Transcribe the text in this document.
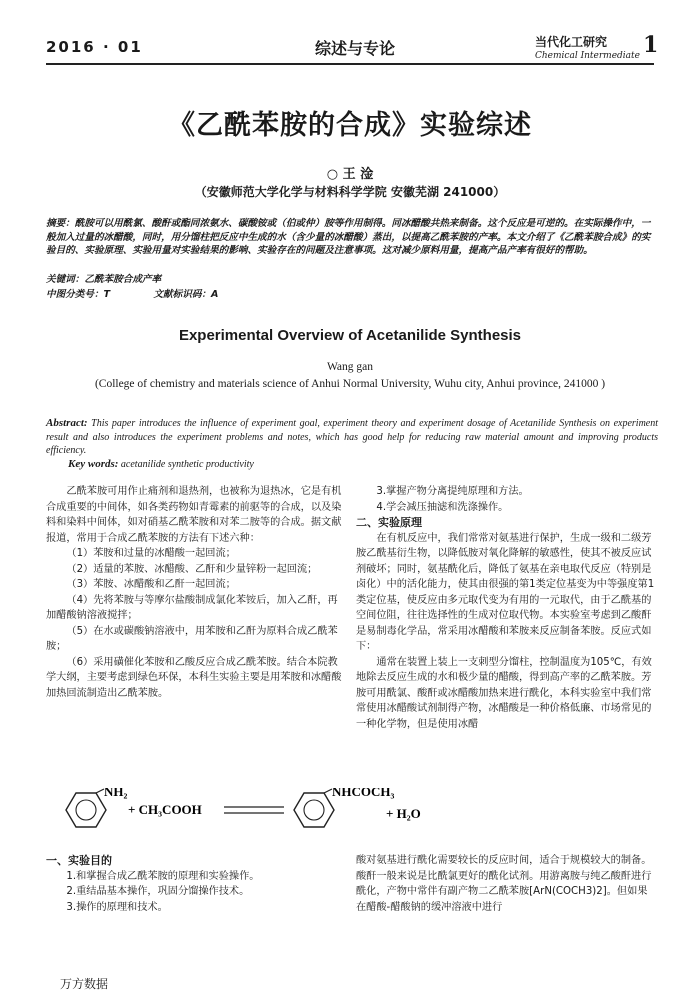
2016 · 01	综述与专论	当代化工研究
Chemical Intermediate 1
《乙酰苯胺的合成》实验综述
○ 王 淦
（安徽师范大学化学与材料科学学院 安徽芜湖 241000）
摘要：酰胺可以用酰氯、酸酐或酯同浓氨水、碳酸铵或（伯或仲）胺等作用制得。同冰醋酸共热来制备。这个反应是可逆的。在实际操作中，一般加入过量的冰醋酸，同时，用分馏柱把反应中生成的水（含少量的冰醋酸）蒸出，以提高乙酰苯胺的产率。本文介绍了《乙酰苯胺合成》的实验目的、实验原理、实验用量对实验结果的影响、实验存在的问题及注意事项。这对减少原料用量，提高产品产率有很好的帮助。
关键词：乙酰苯胺合成产率
中图分类号：T	文献标识码：A
Experimental Overview of Acetanilide Synthesis
Wang gan
(College of chemistry and materials science of Anhui Normal University, Wuhu city, Anhui province, 241000 )
Abstract: This paper introduces the influence of experiment goal, experiment theory and experiment dosage of Acetanilide Synthesis on experiment result and also introduces the experiment problems and notes, which has good help for reducing raw material amount and improving products efficiency.
Key words: acetanilide synthetic productivity

乙酰苯胺可用作止痛剂和退热剂，也被称为退热冰，它是有机合成重要的中间体，如各类药物如青霉素的前驱等的合成，以及染料和染料中间体，如对硝基乙酰苯胺和对苯二胺等的合成。据文献报道，常用于合成乙酰苯胺的方法有下述六种：

（1）苯胺和过量的冰醋酸一起回流；

（2）适量的苯胺、冰醋酸、乙酐和少量锌粉一起回流；

（3）苯胺、冰醋酸和乙酐一起回流；

（4）先将苯胺与等摩尔盐酸制成氯化苯铵后，加入乙酐，再加醋酸钠溶液搅拌；

（5）在水或碳酸钠溶液中，用苯胺和乙酐为原料合成乙酰苯胺；

（6）采用磺催化苯胺和乙酸反应合成乙酰苯胺。结合本院教学大纲，主要考虑到绿色环保，本科生实验主要是用苯胺和冰醋酸加热回流制造出乙酰苯胺。

3.掌握产物分离提纯原理和方法。

4.学会减压抽滤和洗涤操作。

二、实验原理

在有机反应中，我们常常对氨基进行保护，生成一级和二级芳胺乙酰基衍生物，以降低胺对氧化降解的敏感性，使其不被反应试剂破坏；同时，氨基酰化后，降低了氨基在亲电取代反应（特别是卤化）中的活化能力，使其由很强的第1类定位基变为中等强度第1类定位基，使反应由多元取代变为有用的一元取代，由于乙酰基的空间位阻，往往选择性的生成对位取代物。本实验室考虑到乙酸酐是易制毒化学品，常采用冰醋酸和苯胺来反应制备苯胺。反应式如下：

通常在装置上装上一支刺型分馏柱，控制温度为105℃，有效地除去反应生成的水和极少量的醋酸，得到高产率的乙酰苯胺。芳胺可用酰氯、酸酐或冰醋酸加热来进行酰化，本科实验室中我们常常使用冰醋酸试剂制得产物，冰醋酸是一种价格低廉、市场常见的一种化学物，但是使用冰醋

NH₂
+ CH₃COOH
NHCOCH₃
+ H₂O

一、实验目的

1.和掌握合成乙酰苯胺的原理和实验操作。

2.重结晶基本操作，巩固分馏操作技术。

3.操作的原理和技术。

酸对氨基进行酰化需要较长的反应时间，适合于规模较大的制备。酸酐一般来说是比酰氯更好的酰化试剂。用游离胺与纯乙酸酐进行酰化，产物中常伴有副产物二乙酰苯胺[ArN(COCH3)2]。但如果在醋酸-醋酸钠的缓冲溶液中进行

万方数据
